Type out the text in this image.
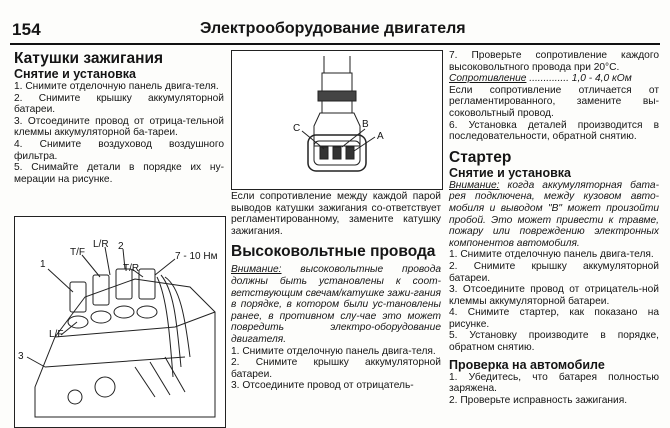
154	Электрооборудование двигателя

Катушки зажигания

Снятие и установка

1. Снимите отделочную панель двига-теля.

2. Снимите крышку аккумуляторной батареи.

3. Отсоедините провод от отрица-тельной клеммы аккумуляторной ба-тареи.

4. Снимите воздуховод воздушного фильтра.

5. Снимайте детали в порядке их ну-мерации на рисунке.

1
T/F
L/R 2
T/R
7 - 10 Нм
L/F
3
C	B
A

Если сопротивление между каждой парой выводов катушки зажигания со-ответствует регламентированному, замените катушку зажигания.

Высоковольтные провода

Внимание: высоковольтные провода должны быть установлены к соот-ветствующим свечам/катушке зажи-гания в порядке, в котором были ус-тановлены ранее, в противном слу-чае это может повредить электро-оборудование двигателя.

1. Снимите отделочную панель двига-теля.

2. Снимите крышку аккумуляторной батареи.

3. Отсоедините провод от отрицатель-

7. Проверьте сопротивление каждого высоковольтного провода при 20°С.

Сопротивление .............. 1,0 - 4,0 кОм

Если сопротивление отличается от регламентированного, замените вы-соковольтный провод.

6. Установка деталей производится в последовательности, обратной снятию.

Стартер

Снятие и установка

Внимание: когда аккумуляторная бата-рея подключена, между кузовом авто-мобиля и выводом "B" может произойти пробой. Это может привести к травме, пожару или повреждению электронных компонентов автомобиля.

1. Снимите отделочную панель двига-теля.

2. Снимите крышку аккумуляторной батареи.

3. Отсоедините провод от отрицатель-ной клеммы аккумуляторной батареи.

4. Снимите стартер, как показано на рисунке.

5. Установку производите в порядке, обратном снятию.

Проверка на автомобиле

1. Убедитесь, что батарея полностью заряжена.

2. Проверьте исправность зажигания.
